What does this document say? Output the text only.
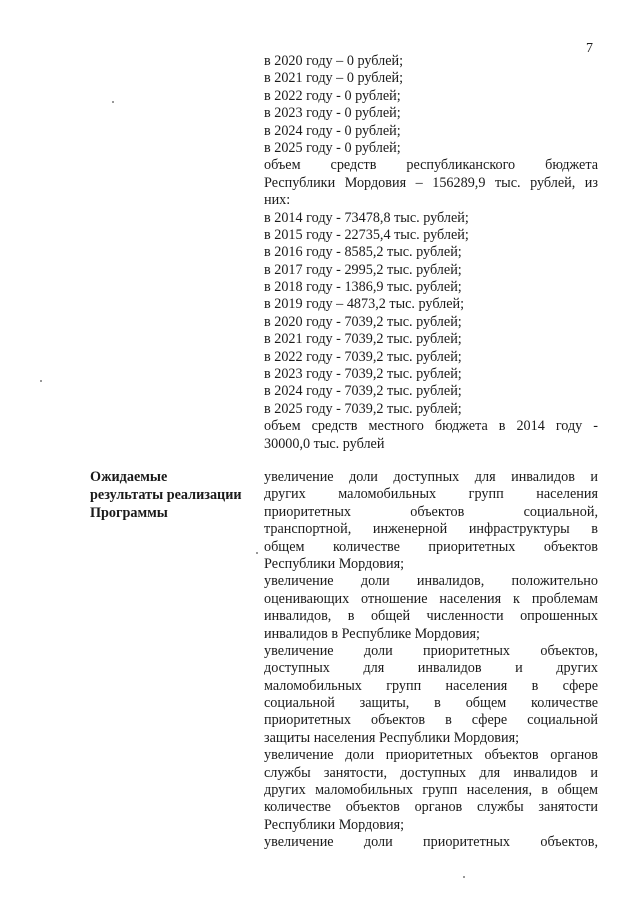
7
в 2020 году – 0 рублей;
в 2021 году – 0 рублей;
в 2022 году - 0 рублей;
в 2023 году - 0 рублей;
в 2024 году - 0 рублей;
в 2025 году - 0 рублей;
объем средств республиканского бюджета
Республики Мордовия – 156289,9 тыс. рублей, из
них:
в 2014 году - 73478,8 тыс. рублей;
в 2015 году - 22735,4 тыс. рублей;
в 2016 году - 8585,2 тыс. рублей;
в 2017 году - 2995,2 тыс. рублей;
в 2018 году - 1386,9 тыс. рублей;
в 2019 году – 4873,2 тыс. рублей;
в 2020 году - 7039,2 тыс. рублей;
в 2021 году - 7039,2 тыс. рублей;
в 2022 году - 7039,2 тыс. рублей;
в 2023 году - 7039,2 тыс. рублей;
в 2024 году - 7039,2 тыс. рублей;
в 2025 году - 7039,2 тыс. рублей;
объем средств местного бюджета в 2014 году -
30000,0 тыс. рублей
Ожидаемые
результаты реализации
Программы
увеличение доли доступных для инвалидов и
других маломобильных групп населения
приоритетных объектов социальной,
транспортной, инженерной инфраструктуры в
общем количестве приоритетных объектов
Республики Мордовия;
увеличение доли инвалидов, положительно
оценивающих отношение населения к проблемам
инвалидов, в общей численности опрошенных
инвалидов в Республике Мордовия;
увеличение доли приоритетных объектов,
доступных для инвалидов и других
маломобильных групп населения в сфере
социальной защиты, в общем количестве
приоритетных объектов в сфере социальной
защиты населения Республики Мордовия;
увеличение доли приоритетных объектов органов
службы занятости, доступных для инвалидов и
других маломобильных групп населения, в общем
количестве объектов органов службы занятости
Республики Мордовия;
увеличение доли приоритетных объектов,
